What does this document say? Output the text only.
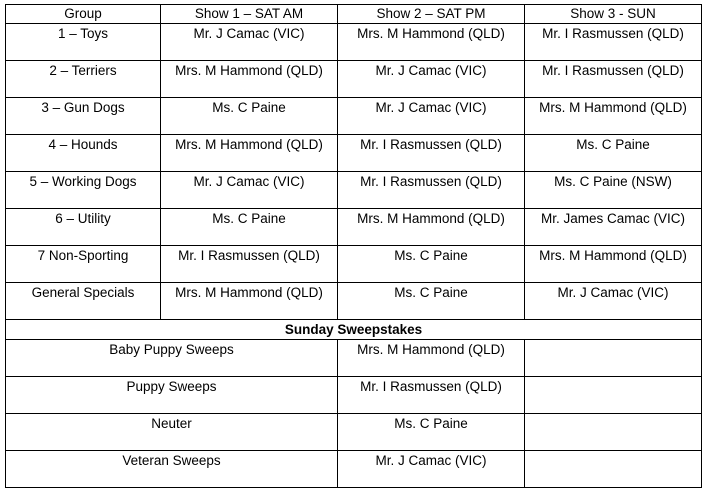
Group	Show 1 – SAT AM	Show 2 – SAT PM	Show 3 - SUN
1 – Toys	Mr. J Camac (VIC)	Mrs. M Hammond (QLD)	Mr. I Rasmussen (QLD)
2 – Terriers	Mrs. M Hammond (QLD)	Mr. J Camac (VIC)	Mr. I Rasmussen (QLD)
3 – Gun Dogs	Ms. C Paine	Mr. J Camac (VIC)	Mrs. M Hammond (QLD)
4 – Hounds	Mrs. M Hammond (QLD)	Mr. I Rasmussen (QLD)	Ms. C Paine
5 – Working Dogs	Mr. J Camac (VIC)	Mr. I Rasmussen (QLD)	Ms. C Paine (NSW)
6 – Utility	Ms. C Paine	Mrs. M Hammond (QLD)	Mr. James Camac (VIC)
7 Non-Sporting	Mr. I Rasmussen (QLD)	Ms. C Paine	Mrs. M Hammond (QLD)
General Specials	Mrs. M Hammond (QLD)	Ms. C Paine	Mr. J Camac (VIC)
Sunday Sweepstakes			
Baby Puppy Sweeps		Mrs. M Hammond (QLD)	
Puppy Sweeps		Mr. I Rasmussen (QLD)	
Neuter		Ms. C Paine	
Veteran Sweeps		Mr. J Camac (VIC)	
